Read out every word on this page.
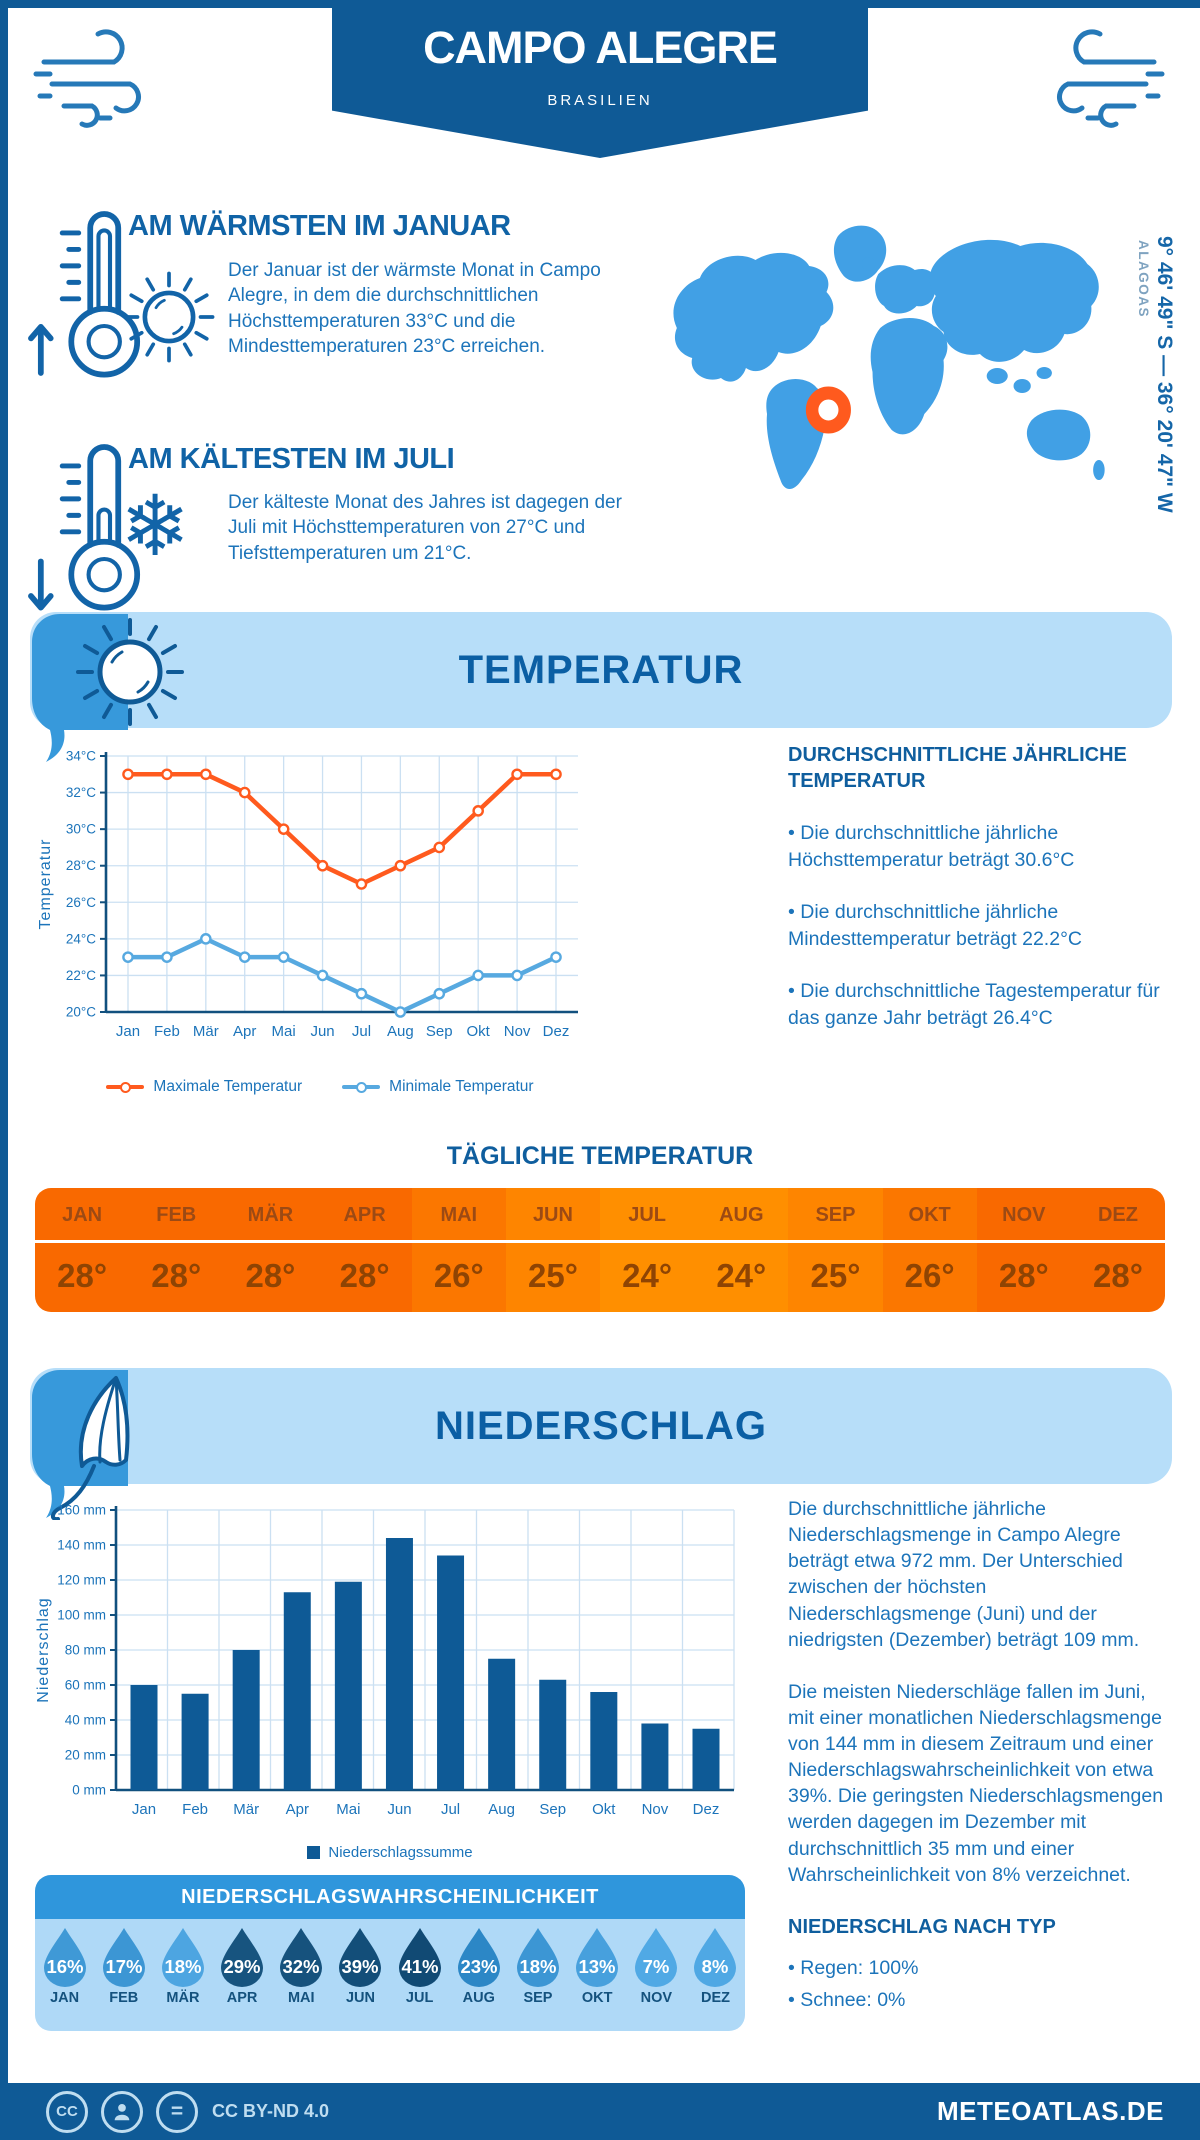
CAMPO ALEGRE
BRASILIEN
AM WÄRMSTEN IM JANUAR
Der Januar ist der wärmste Monat in Campo Alegre, in dem die durchschnittlichen Höchsttemperaturen 33°C und die Mindesttemperaturen 23°C erreichen.
AM KÄLTESTEN IM JULI
❄ Der kälteste Monat des Jahres ist dagegen der Juli mit Höchsttemperaturen von 27°C und Tiefsttemperaturen um 21°C.
ALAGOAS 9° 46' 49" S — 36° 20' 47" W
TEMPERATUR
20°C
22°C
24°C
26°C
28°C
30°C
32°C
34°C
Jan Feb Mär Apr Mai Jun Jul Aug Sep Okt Nov Dez
Temperatur
Maximale Temperatur	Minimale Temperatur

DURCHSCHNITTLICHE JÄHRLICHE TEMPERATUR

• Die durchschnittliche jährliche Höchsttemperatur beträgt 30.6°C

• Die durchschnittliche jährliche Mindesttemperatur beträgt 22.2°C

• Die durchschnittliche Tagestemperatur für das ganze Jahr beträgt 26.4°C

TÄGLICHE TEMPERATUR
JAN
28°
FEB
28°
MÄR
28°
APR
28°
MAI
26°
JUN
25°
JUL
24°
AUG
24°
SEP
25°
OKT
26°
NOV
28°
DEZ
28°
NIEDERSCHLAG
0 mm
20 mm
40 mm
60 mm
80 mm
100 mm
120 mm
140 mm
160 mm
Jan Feb Mär Apr Mai Jun Jul Aug Sep Okt Nov Dez
Niederschlag
Niederschlagssumme

Die durchschnittliche jährliche Niederschlagsmenge in Campo Alegre beträgt etwa 972 mm. Der Unterschied zwischen der höchsten Niederschlagsmenge (Juni) und der niedrigsten (Dezember) beträgt 109 mm.

Die meisten Niederschläge fallen im Juni, mit einer monatlichen Niederschlagsmenge von 144 mm in diesem Zeitraum und einer Niederschlagswahrscheinlichkeit von etwa 39%. Die geringsten Niederschlagsmengen werden dagegen im Dezember mit durchschnittlich 35 mm und einer Wahrscheinlichkeit von 8% verzeichnet.

NIEDERSCHLAG NACH TYP

• Regen: 100%

• Schnee: 0%

NIEDERSCHLAGSWAHRSCHEINLICHKEIT
16%
JAN
17%
FEB
18%
MÄR
29%
APR
32%
MAI
39%
JUN
41%
JUL
23%
AUG
18%
SEP
13%
OKT
7%
NOV
8%
DEZ
CC	=	CC BY-ND 4.0	METEOATLAS.DE
